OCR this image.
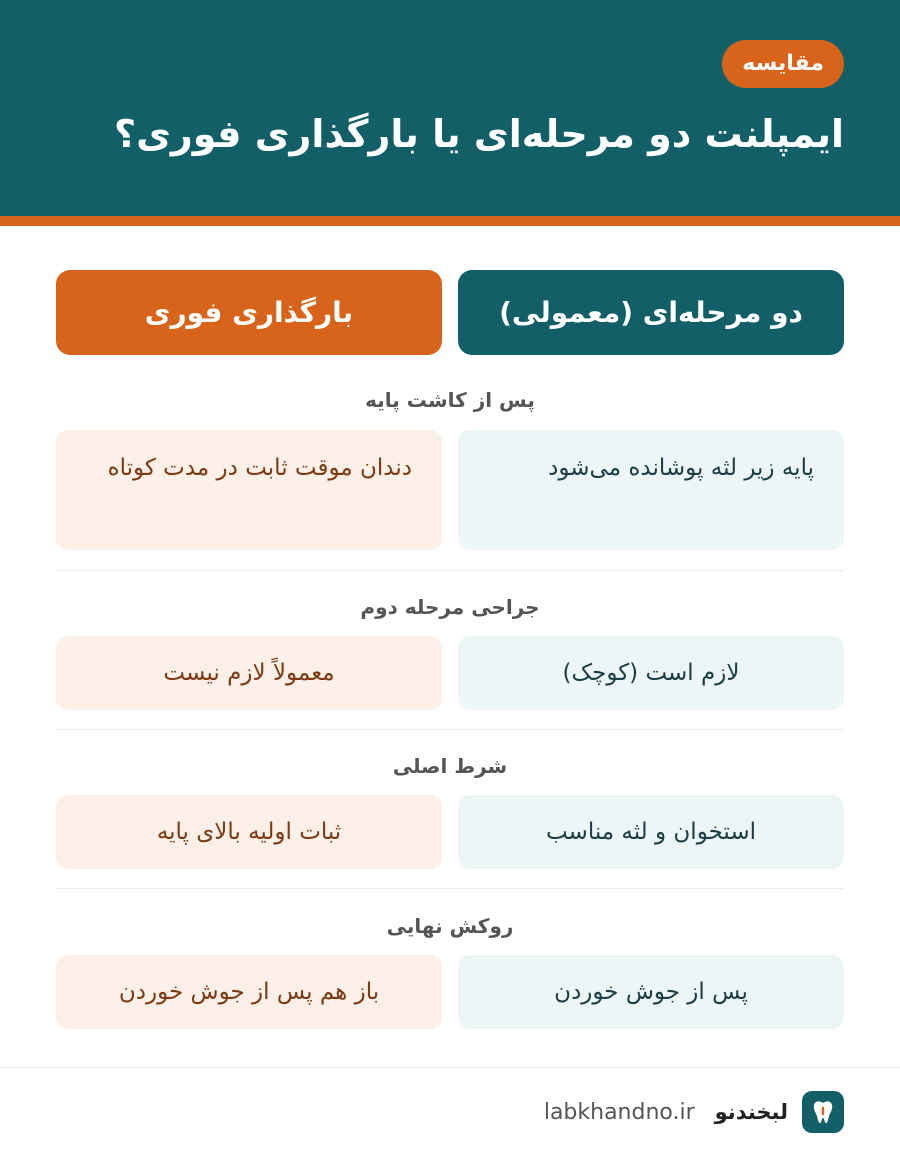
مقایسه
ایمپلنت دو مرحله‌ای یا بارگذاری فوری؟
دو مرحله‌ای (معمولی)
بارگذاری فوری
پس از کاشت پایه
پایه زیر لثه پوشانده می‌شود
دندان موقت ثابت در مدت کوتاه
جراحی مرحله دوم
لازم است (کوچک)
معمولاً لازم نیست
شرط اصلی
استخوان و لثه مناسب
ثبات اولیه بالای پایه
روکش نهایی
پس از جوش خوردن
باز هم پس از جوش خوردن
لبخندنو
labkhandno.ir
